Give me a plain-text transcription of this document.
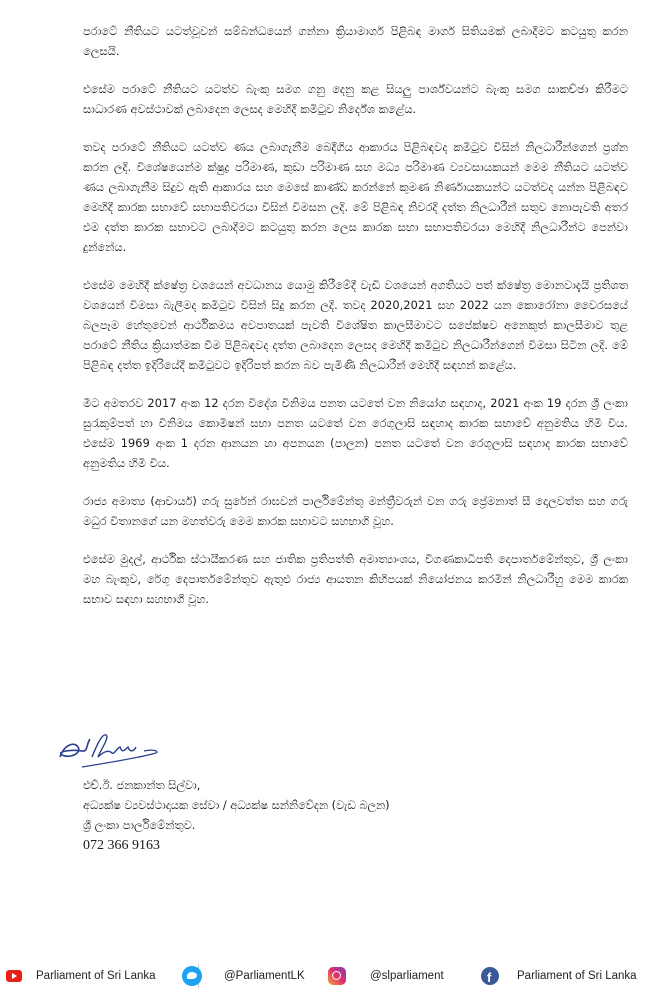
පරාටේ නීතියට යටත්වූවන් සම්බන්ධයෙන් ගන්නා ක්‍රියාමාර්ග පිළිබඳ මාර්ග සිතියමක් ලබාදීමට කටයුතු කරන ලෙසයි.

එසේම පරාටේ නීතියට යටත්ව බැංකු සමග ගනු දෙනු කළ සියලු පාර්ශ්වයන්ට බැංකු සමග සාකච්ඡා කිරීමට සාධාරණ අවස්ථාවක් ලබාදෙන ලෙසද මෙහිදී කමිටුව නිර්දේශ කළේය.

තවද පරාටේ නීතියට යටත්ව ණය ලබාගැනීම බෙදීගිය ආකාරය පිළිබඳවද කමිටුව විසින් නිලධාරීන්ගෙන් ප්‍රශ්න කරන ලදි. විශේෂයෙන්ම ක්ෂුද්‍ර පරිමාණ, කුඩා පරිමාණ සහ මධ්‍ය පරිමාණ ව්‍යවසායකයන් මෙම නීතියට යටත්ව ණය ලබාගැනීම සිදුව ඇති ආකාරය සහ මෙසේ කාණ්ඩ කරන්නේ කුමණ නිර්ණායකයන්ට යටත්වද යන්න පිළිබඳව මෙහිදී කාරක සභාවේ සභාපතිවරයා විසින් විමසන ලදි. මේ පිළිබඳ නිවරදි දත්ත නිලධාරීන් සතුව නොපැවති අතර එම දත්ත කාරක සභාවට ලබාදීමට කටයුතු කරන ලෙස කාරක සභා සභාපතිවරයා මෙහිදී නිලධාරීන්ට පෙන්වා දුන්නේය.

එසේම මෙහිදී ක්ෂේත්‍ර වශයෙන් අවධානය යොමු කිරීමේදී වැඩි වශයෙන් අගතියට පත් ක්ෂේත්‍ර මොනවාදැයි ප්‍රතිශත වශයෙන් විමසා බැලීමද කමිටුව විසින් සිදු කරන ලදි. තවද 2020,2021 සහ 2022 යන කොරෝනා වෛරසයේ බලපෑම හේතුවෙන් ආර්ථිකමය අවපාතයක් පැවති විශේෂිත කාලසීමාවට සපේක්ෂව අනෙකුත් කාලසීමාව තුළ පරාටේ නීතිය ක්‍රියාත්මක වීම පිළිබඳවද දත්ත ලබාදෙන ලෙසද මෙහිදී කමිටුව නිලධාරීන්ගෙන් විමසා සිටින ලදි. මේ පිළිබඳ දත්ත ඉදිරියේදී කමිටුවට ඉදිරිපත් කරන බව පැමිණි නිලධාරීන් මෙහිදී සඳහන් කළේය.

මීට අමතරව 2017 අංක 12 දරන විදේශ විනිමය පනත යටතේ වන නියෝග සඳහාද, 2021 අංක 19 දරන ශ්‍රී ලංකා සුරැකුම්පත් හා විනිමය කොමිෂන් සභා පනත යටතේ වන රෙගුලාසි සඳහාද කාරක සභාවේ අනුමතිය හිමි විය. එසේම 1969 අංක 1 දරන ආනයන හා අපනයන (පාලන) පනත යටතේ වන රෙගුලාසි සඳහාද කාරක සභාවේ අනුමතිය හිමි විය.

රාජ්‍ය අමාත්‍ය (ආචාර්ය) ගරු සුරේන් රාඝවන් පාර්ලිමේන්තු මන්ත්‍රීවරුන් වන ගරු ප්‍රේමනාත් සී දොලවත්ත සහ ගරු මධුර විතානගේ යන මහත්වරු මෙම කාරක සභාවට සහභාගි වූහ.

එසේම මුදල්, ආර්ථික ස්ථායීකරණ සහ ජාතික ප්‍රතිපත්ති අමාත්‍යාංශය, විගණකාධිපති දෙපාර්තමේන්තුව, ශ්‍රී ලංකා මහ බැංකුව, රේගු දෙපාර්තමේන්තුව ඇතුළු රාජ්‍ය ආයතන කිහිපයක් නියෝජනය කරමින් නිලධාරීහු මෙම කාරක සභාව සඳහා සහභාගී වූහ.

එච්.ඊ. ජනකාන්ත සිල්වා,
අධ්‍යක්ෂ ව්‍යවස්ථාදායක සේවා / අධ්‍යක්ෂ සන්නිවේදන (වැඩ බලන)
ශ්‍රී ලංකා පාර්ලිමේන්තුව.
072 366 9163
Parliament of Sri Lanka	@ParliamentLK	@slparliament	f Parliament of Sri Lanka
